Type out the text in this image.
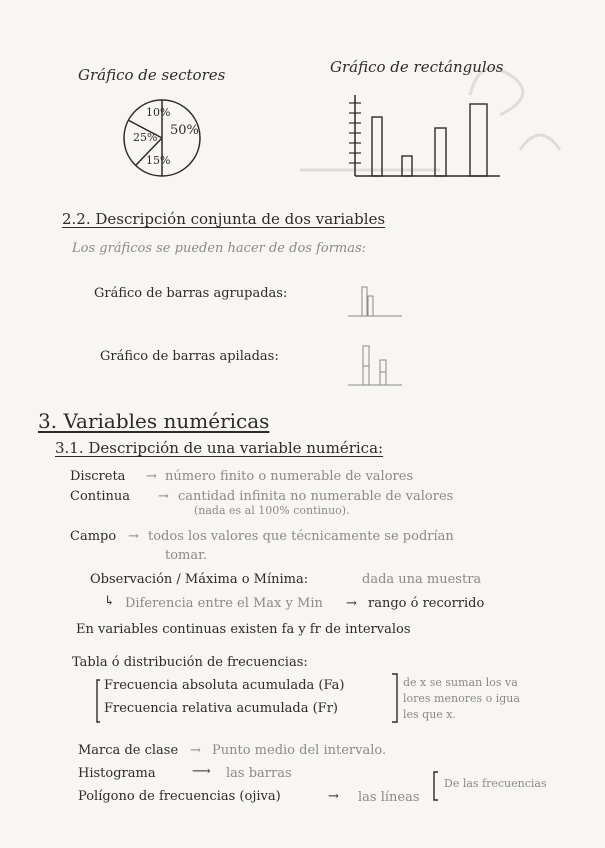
Gráfico de sectores	Gráfico de rectángulos
10%
25% 50%
15%
2.2. Descripción conjunta de dos variables
Los gráficos se pueden hacer de dos formas:
Gráfico de barras agrupadas:
Gráfico de barras apiladas:
3. Variables numéricas
3.1. Descripción de una variable numérica:
Discreta → número finito o numerable de valores
Continua → cantidad infinita no numerable de valores
(nada es al 100% continuo).
Campo → todos los valores que técnicamente se podrían
tomar.
Observación / Máxima o Mínima:	dada una muestra
↳ Diferencia entre el Max y Min → rango ó recorrido
En variables continuas existen fa y fr de intervalos
Tabla ó distribución de frecuencias:
Frecuencia absoluta acumulada (Fa)
Frecuencia relativa acumulada (Fr)
de x se suman los va
lores menores o igua
les que x.
Marca de clase → Punto medio del intervalo.
Histograma	⟶ las barras
Polígono de frecuencias (ojiva)	→ las líneas
De las frecuencias
